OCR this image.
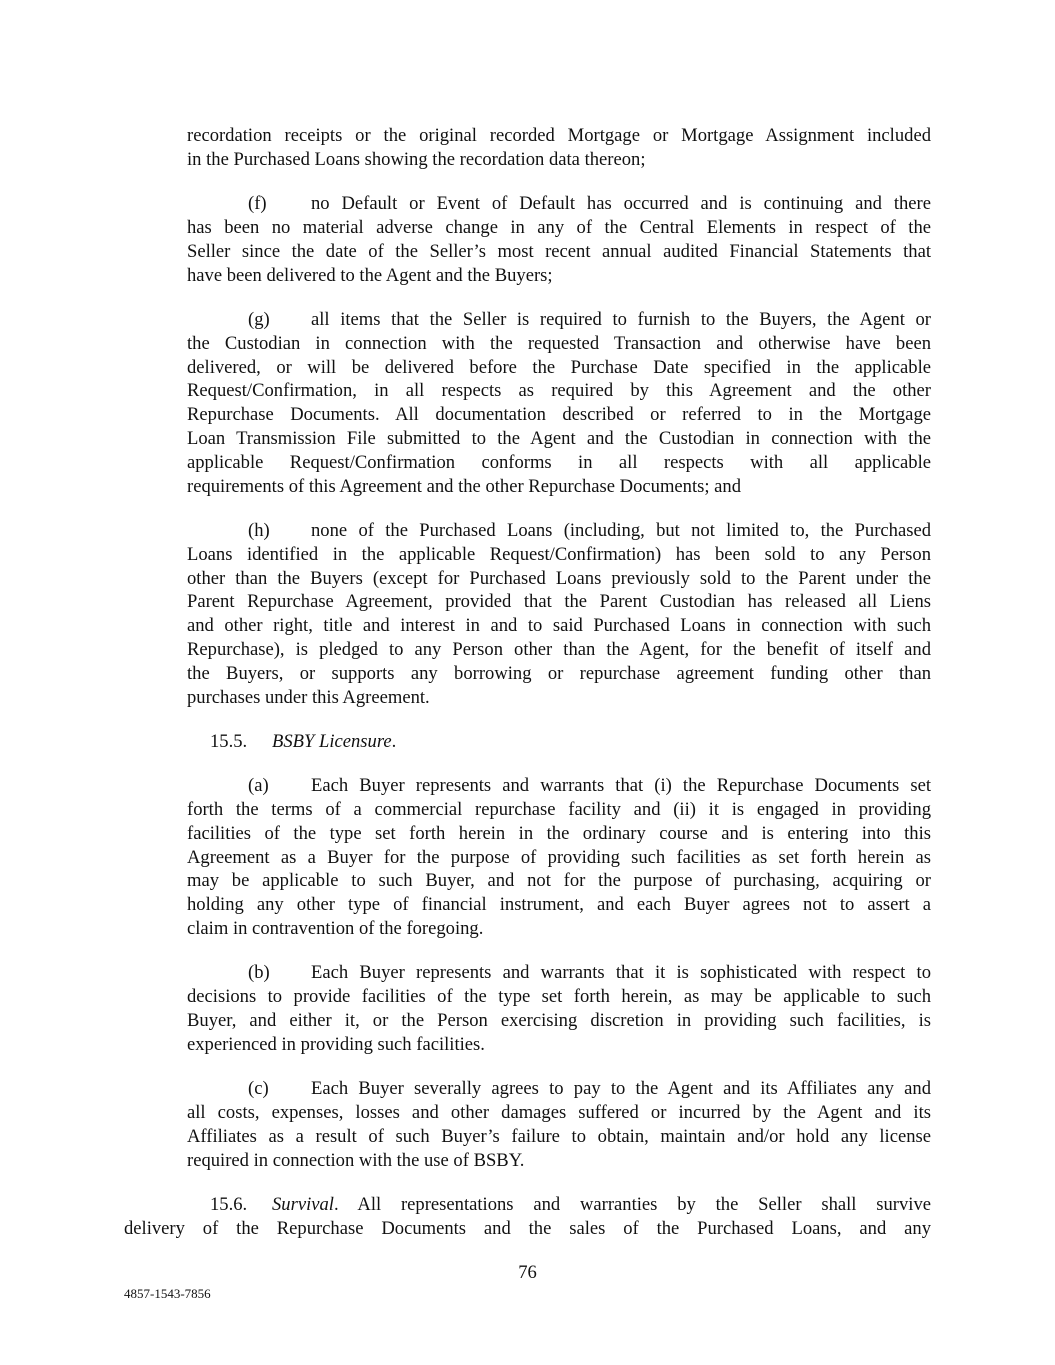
recordation receipts or the original recorded Mortgage or Mortgage Assignment included
in the Purchased Loans showing the recordation data thereon;
(f)	no Default or Event of Default has occurred and is continuing and there
has been no material adverse change in any of the Central Elements in respect of the
Seller since the date of the Seller’s most recent annual audited Financial Statements that
have been delivered to the Agent and the Buyers;
(g)	all items that the Seller is required to furnish to the Buyers, the Agent or
the Custodian in connection with the requested Transaction and otherwise have been
delivered, or will be delivered before the Purchase Date specified in the applicable
Request/Confirmation, in all respects as required by this Agreement and the other
Repurchase Documents. All documentation described or referred to in the Mortgage
Loan Transmission File submitted to the Agent and the Custodian in connection with the
applicable Request/Confirmation conforms in all respects with all applicable
requirements of this Agreement and the other Repurchase Documents; and
(h)	none of the Purchased Loans (including, but not limited to, the Purchased
Loans identified in the applicable Request/Confirmation) has been sold to any Person
other than the Buyers (except for Purchased Loans previously sold to the Parent under the
Parent Repurchase Agreement, provided that the Parent Custodian has released all Liens
and other right, title and interest in and to said Purchased Loans in connection with such
Repurchase), is pledged to any Person other than the Agent, for the benefit of itself and
the Buyers, or supports any borrowing or repurchase agreement funding other than
purchases under this Agreement.
15.5.	BSBY Licensure.
(a)	Each Buyer represents and warrants that (i) the Repurchase Documents set
forth the terms of a commercial repurchase facility and (ii) it is engaged in providing
facilities of the type set forth herein in the ordinary course and is entering into this
Agreement as a Buyer for the purpose of providing such facilities as set forth herein as
may be applicable to such Buyer, and not for the purpose of purchasing, acquiring or
holding any other type of financial instrument, and each Buyer agrees not to assert a
claim in contravention of the foregoing.
(b)	Each Buyer represents and warrants that it is sophisticated with respect to
decisions to provide facilities of the type set forth herein, as may be applicable to such
Buyer, and either it, or the Person exercising discretion in providing such facilities, is
experienced in providing such facilities.
(c)	Each Buyer severally agrees to pay to the Agent and its Affiliates any and
all costs, expenses, losses and other damages suffered or incurred by the Agent and its
Affiliates as a result of such Buyer’s failure to obtain, maintain and/or hold any license
required in connection with the use of BSBY.
15.6.	Survival. All representations and warranties by the Seller shall survive
delivery of the Repurchase Documents and the sales of the Purchased Loans, and any
76
4857-1543-7856
